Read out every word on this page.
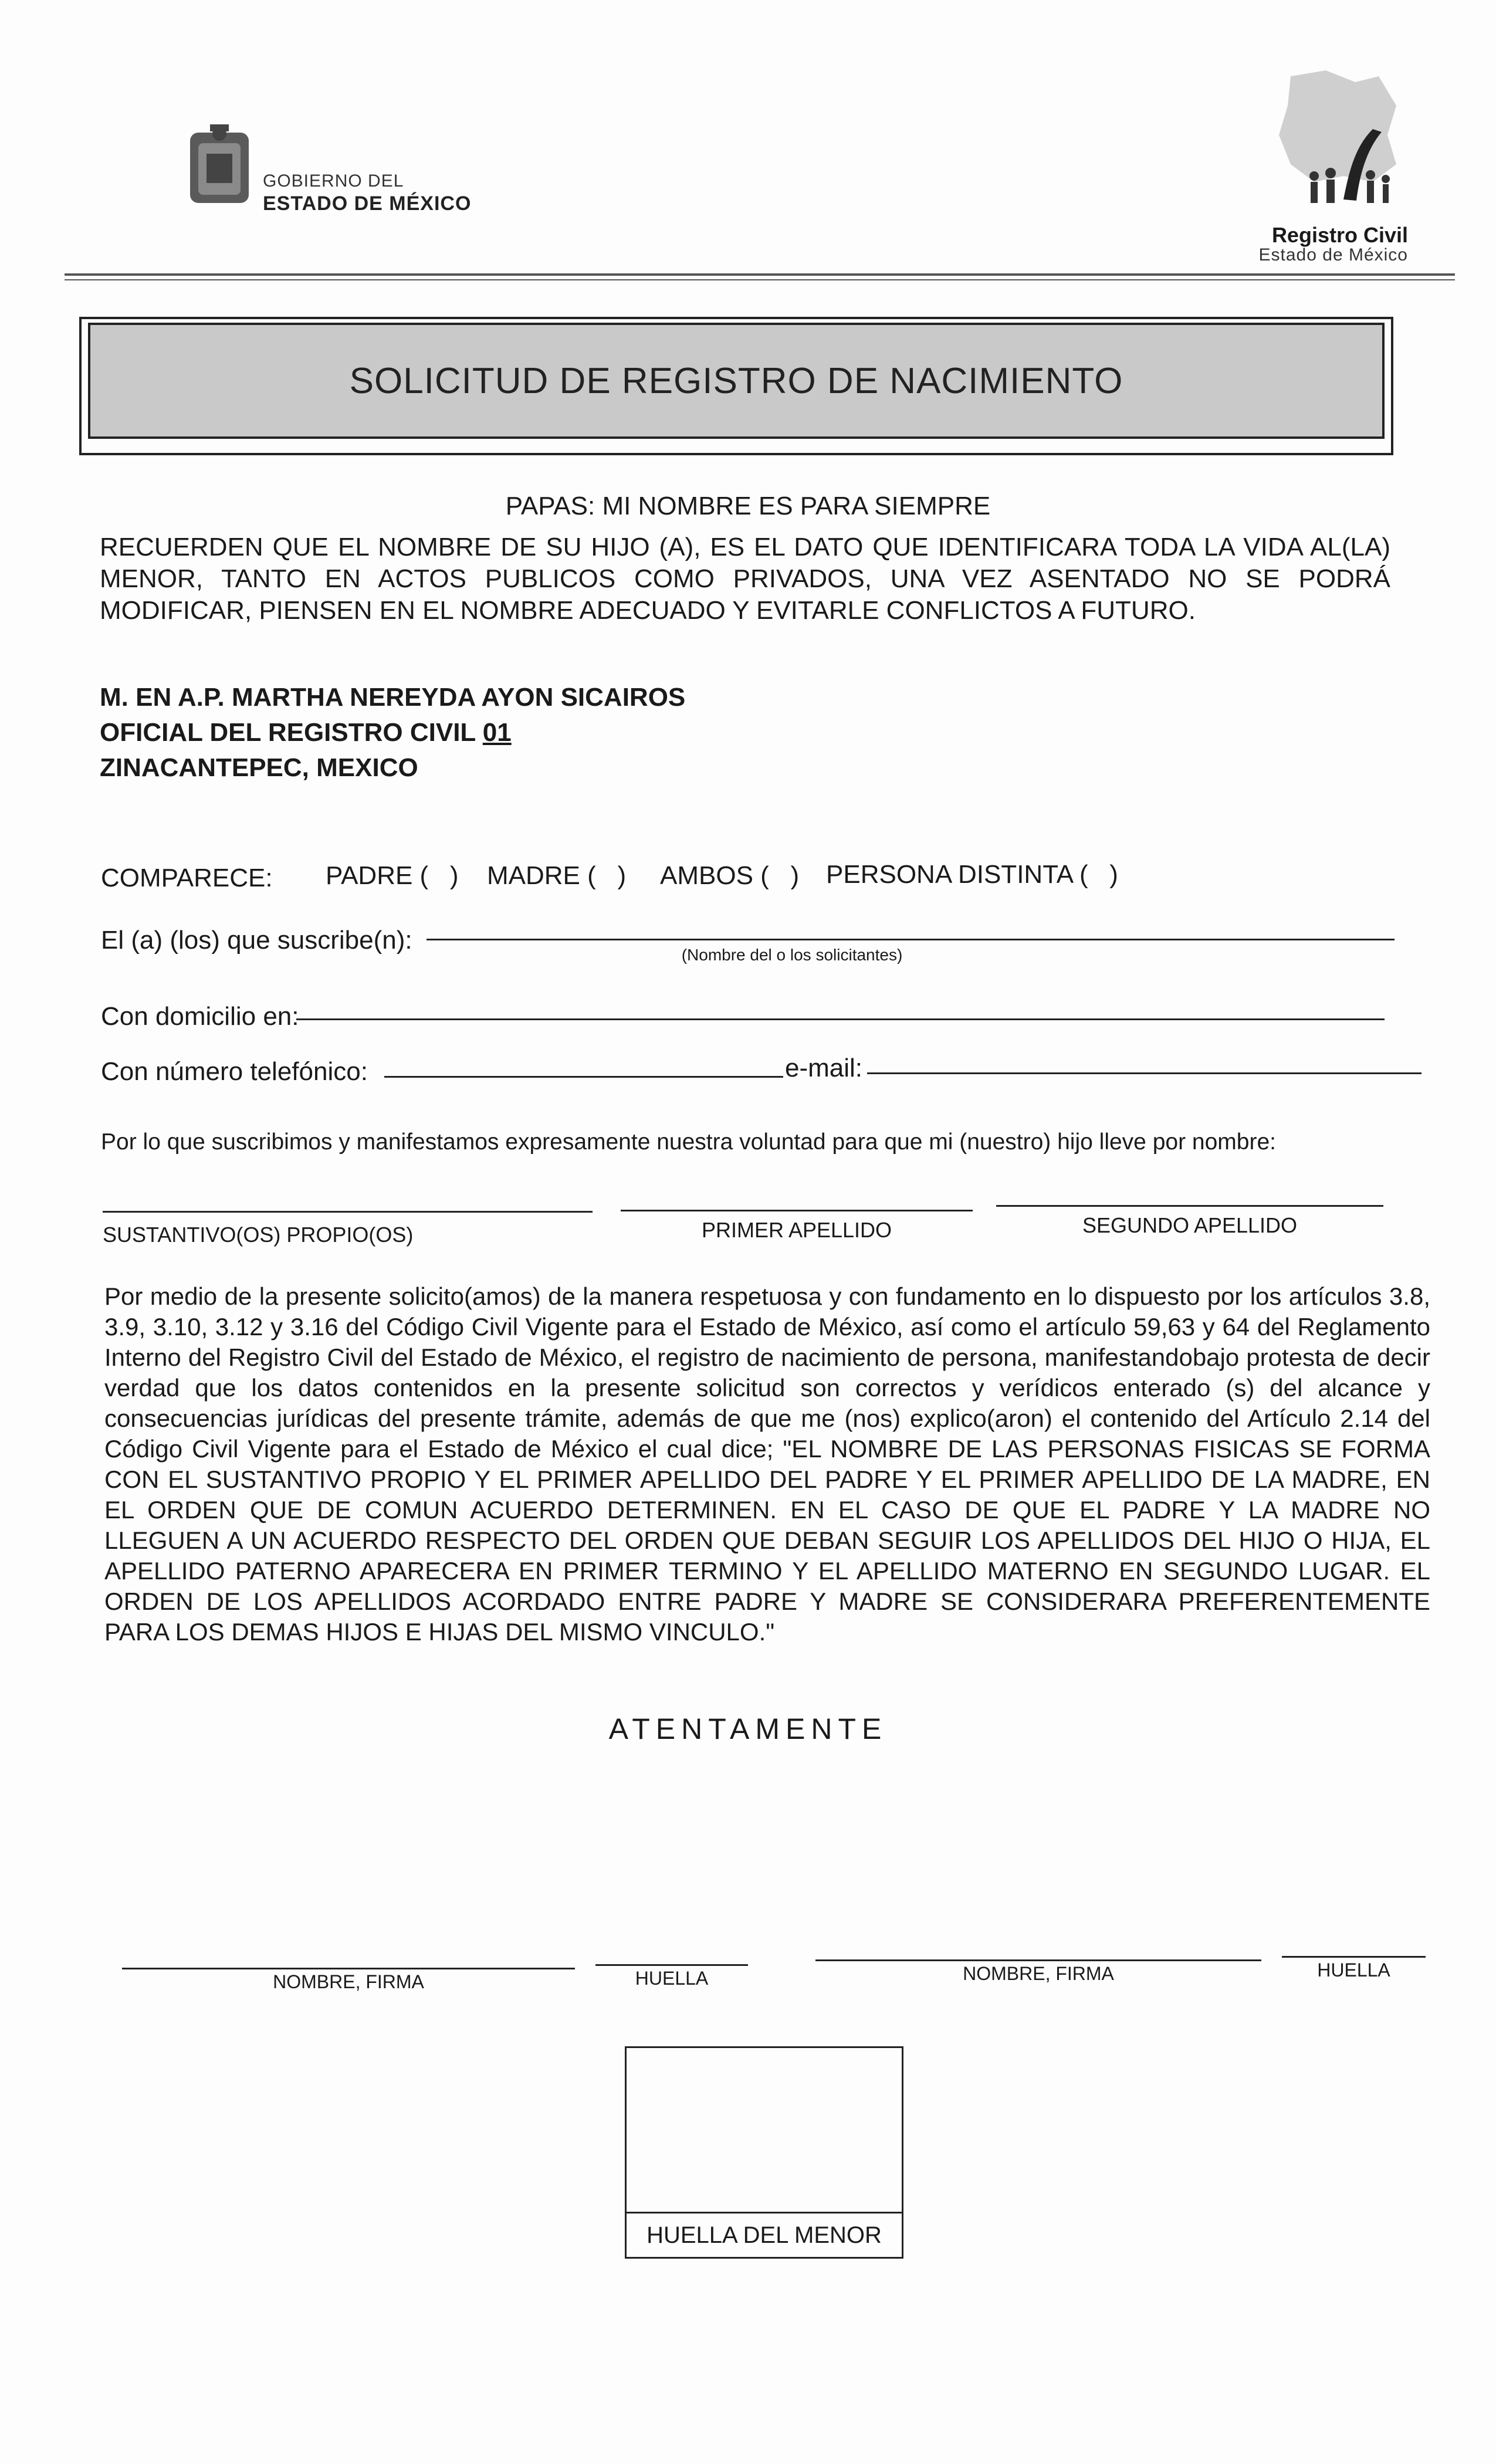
GOBIERNO DEL
ESTADO DE MÉXICO
Registro Civil
Estado de México
SOLICITUD DE REGISTRO DE NACIMIENTO
PAPAS: MI NOMBRE ES PARA SIEMPRE
RECUERDEN QUE EL NOMBRE DE SU HIJO (A), ES EL DATO QUE IDENTIFICARA TODA LA VIDA AL(LA) MENOR, TANTO EN ACTOS PUBLICOS COMO PRIVADOS, UNA VEZ ASENTADO NO SE PODRÁ MODIFICAR, PIENSEN EN EL NOMBRE ADECUADO Y EVITARLE CONFLICTOS A FUTURO.
M. EN A.P. MARTHA NEREYDA AYON SICAIROS
OFICIAL DEL REGISTRO CIVIL 01
ZINACANTEPEC, MEXICO
COMPARECE: PADRE (   ) MADRE (   ) AMBOS (   ) PERSONA DISTINTA (   )
El (a) (los) que suscribe(n):
(Nombre del o los solicitantes)
Con domicilio en:
Con número telefónico:	e-mail:
Por lo que suscribimos y manifestamos expresamente nuestra voluntad para que mi (nuestro) hijo lleve por nombre:
SUSTANTIVO(OS) PROPIO(OS)	PRIMER APELLIDO	SEGUNDO APELLIDO
Por medio de la presente solicito(amos) de la manera respetuosa y con fundamento en lo dispuesto por los artículos 3.8, 3.9, 3.10, 3.12 y 3.16 del Código Civil Vigente para el Estado de México, así como el artículo 59,63 y 64 del Reglamento Interno del Registro Civil del Estado de México, el registro de nacimiento de persona, manifestandobajo protesta de decir verdad que los datos contenidos en la presente solicitud son correctos y verídicos enterado (s) del alcance y consecuencias jurídicas del presente trámite, además de que me (nos) explico(aron) el contenido del Artículo 2.14 del Código Civil Vigente para el Estado de México el cual dice; "EL NOMBRE DE LAS PERSONAS FISICAS SE FORMA CON EL SUSTANTIVO PROPIO Y EL PRIMER APELLIDO DEL PADRE Y EL PRIMER APELLIDO DE LA MADRE, EN EL ORDEN QUE DE COMUN ACUERDO DETERMINEN. EN EL CASO DE QUE EL PADRE Y LA MADRE NO LLEGUEN A UN ACUERDO RESPECTO DEL ORDEN QUE DEBAN SEGUIR LOS APELLIDOS DEL HIJO O HIJA, EL APELLIDO PATERNO APARECERA EN PRIMER TERMINO Y EL APELLIDO MATERNO EN SEGUNDO LUGAR. EL ORDEN DE LOS APELLIDOS ACORDADO ENTRE PADRE Y MADRE SE CONSIDERARA PREFERENTEMENTE PARA LOS DEMAS HIJOS E HIJAS DEL MISMO VINCULO."
ATENTAMENTE
NOMBRE, FIRMA	HUELLA	NOMBRE, FIRMA	HUELLA
HUELLA DEL MENOR
